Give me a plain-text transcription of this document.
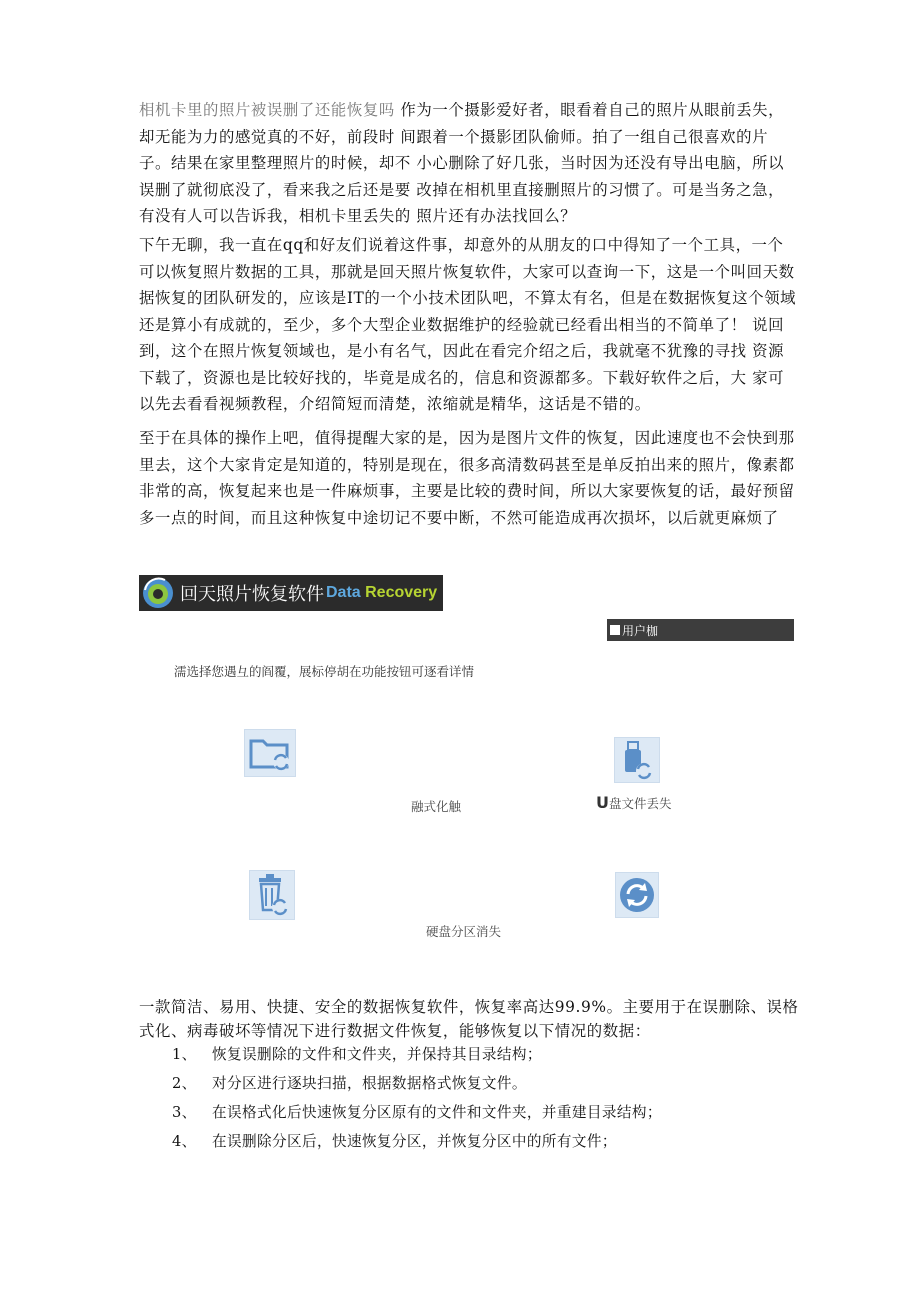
相机卡里的照片被误删了还能恢复吗 作为一个摄影爱好者，眼看着自己的照片从眼前丢失，却无能为力的感觉真的不好，前段时 间跟着一个摄影团队偷师。拍了一组自己很喜欢的片子。结果在家里整理照片的时候，却不 小心删除了好几张，当时因为还没有导出电脑，所以误删了就彻底没了，看来我之后还是要 改掉在相机里直接删照片的习惯了。可是当务之急，有没有人可以告诉我，相机卡里丢失的 照片还有办法找回么？

下午无聊，我一直在qq和好友们说着这件事，却意外的从朋友的口中得知了一个工具，一个可以恢复照片数据的工具，那就是回天照片恢复软件，大家可以查询一下，这是一个叫回天数据恢复的团队研发的，应该是IT的一个小技术团队吧，不算太有名，但是在数据恢复这个领域还是算小有成就的，至少，多个大型企业数据维护的经验就已经看出相当的不简单了！ 说回到，这个在照片恢复领域也，是小有名气，因此在看完介绍之后，我就毫不犹豫的寻找 资源下载了，资源也是比较好找的，毕竟是成名的，信息和资源都多。下载好软件之后，大 家可以先去看看视频教程，介绍简短而清楚，浓缩就是精华，这话是不错的。

至于在具体的操作上吧，值得提醒大家的是，因为是图片文件的恢复，因此速度也不会快到那里去，这个大家肯定是知道的，特别是现在，很多高清数码甚至是单反拍出来的照片，像素都非常的高，恢复起来也是一件麻烦事，主要是比较的费时间，所以大家要恢复的话，最好预留多一点的时间，而且这种恢复中途切记不要中断，不然可能造成再次损坏，以后就更麻烦了

回天照片恢复软件 Data Recovery
用户枷
濡选择您遇彑的阎覆，展标停胡在功能按钮可逐看详情
融式化触	U盘文件丢失
硬盘分区消失

一款简洁、易用、快捷、安全的数据恢复软件，恢复率高达99.9%。主要用于在误删除、误格式化、病毒破坏等情况下进行数据文件恢复，能够恢复以下情况的数据：

1、	恢复误删除的文件和文件夹，并保持其目录结构；
2、	对分区进行逐块扫描，根据数据格式恢复文件。
3、	在误格式化后快速恢复分区原有的文件和文件夹，并重建目录结构；
4、	在误删除分区后，快速恢复分区，并恢复分区中的所有文件；
